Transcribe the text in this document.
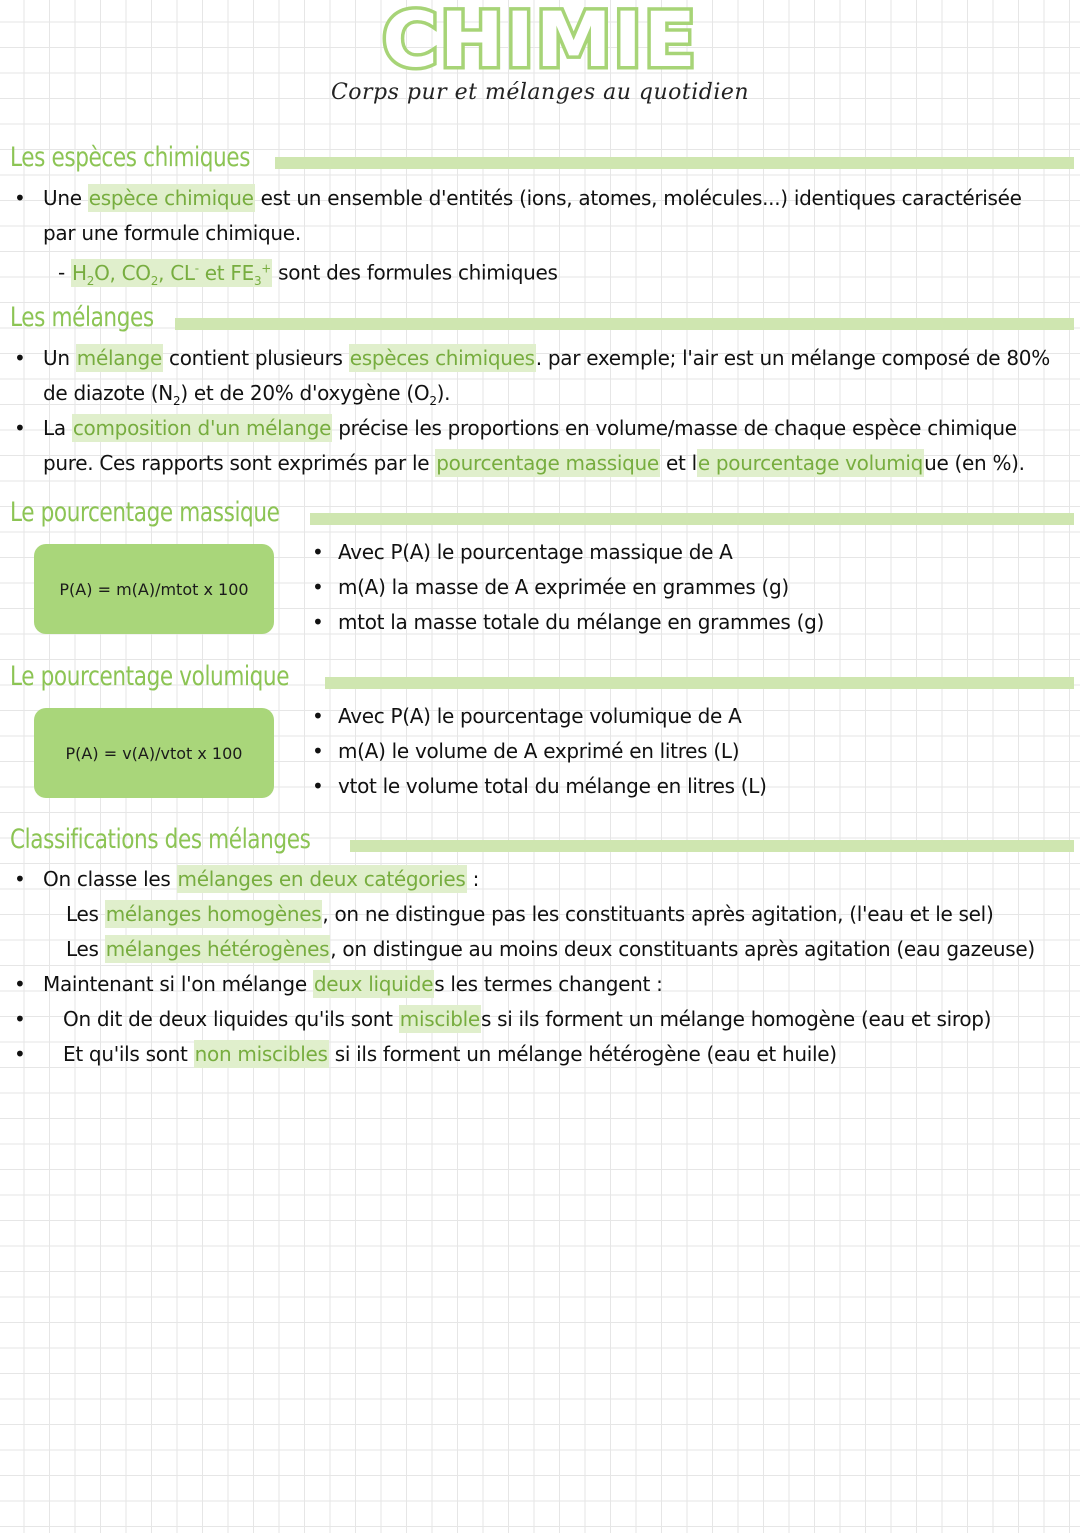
CHIMIE
Corps pur et mélanges au quotidien
Les espèces chimiques
• Une espèce chimique est un ensemble d'entités (ions, atomes, molécules...) identiques caractérisée
par une formule chimique.
- $H_2O$, $CO_2$, CL- et $FE_3^+$ sont des formules chimiques
Les mélanges
• Un mélange contient plusieurs espèces chimiques. par exemple; l'air est un mélange composé de 80%
de diazote $(N_2)$ et de 20% d'oxygène $(O_2)$.
• La composition d'un mélange précise les proportions en volume/masse de chaque espèce chimique
pure. Ces rapports sont exprimés par le pourcentage massique et le pourcentage volumique (en %).
Le pourcentage massique
P(A) = m(A)/mtot x 100
• Avec P(A) le pourcentage massique de A
• m(A) la masse de A exprimée en grammes (g)
• mtot la masse totale du mélange en grammes (g)
Le pourcentage volumique
P(A) = v(A)/vtot x 100
• Avec P(A) le pourcentage volumique de A
• m(A) le volume de A exprimé en litres (L)
• vtot le volume total du mélange en litres (L)
Classifications des mélanges
• On classe les mélanges en deux catégories :
Les mélanges homogènes, on ne distingue pas les constituants après agitation, (l'eau et le sel)
Les mélanges hétérogènes, on distingue au moins deux constituants après agitation (eau gazeuse)
• Maintenant si l'on mélange deux liquides les termes changent :
• On dit de deux liquides qu'ils sont miscibles si ils forment un mélange homogène (eau et sirop)
• Et qu'ils sont non miscibles si ils forment un mélange hétérogène (eau et huile)
